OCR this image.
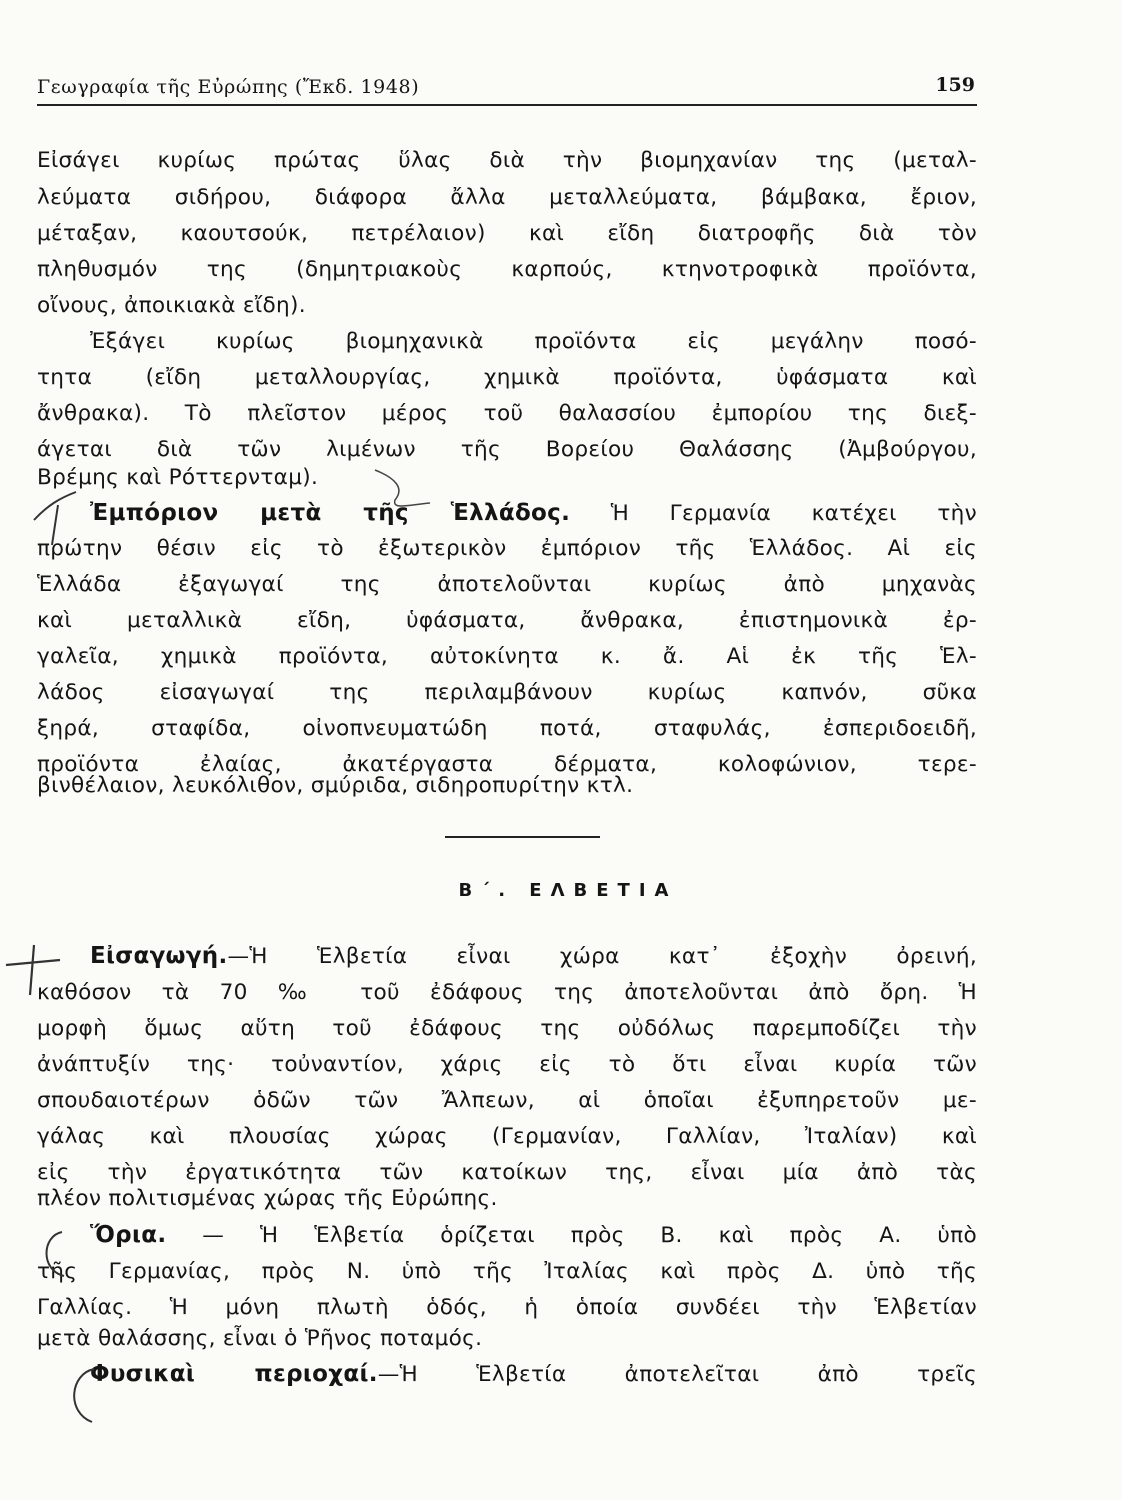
Γεωγραφία τῆς Εὐρώπης (Ἔκδ. 1948)	159
Εἰσάγει κυρίως πρώτας ὕλας διὰ τὴν βιομηχανίαν της (μεταλ-
λεύματα σιδήρου, διάφορα ἄλλα μεταλλεύματα, βάμβακα, ἔριον,
μέταξαν, καουτσούκ, πετρέλαιον) καὶ εἴδη διατροφῆς διὰ τὸν
πληθυσμόν της (δημητριακοὺς καρπούς, κτηνοτροφικὰ προϊόντα,
οἴνους, ἀποικιακὰ εἴδη).
Ἐξάγει κυρίως βιομηχανικὰ προϊόντα εἰς μεγάλην ποσό-
τητα (εἴδη μεταλλουργίας, χημικὰ προϊόντα, ὑφάσματα καὶ
ἄνθρακα). Τὸ πλεῖστον μέρος τοῦ θαλασσίου ἐμπορίου της διεξ-
άγεται διὰ τῶν λιμένων τῆς Βορείου Θαλάσσης (Ἀμβούργου,
Βρέμης καὶ Ρόττερνταμ).
Ἐμπόριον μετὰ τῆς Ἑλλάδος. Ἡ Γερμανία κατέχει τὴν
πρώτην θέσιν εἰς τὸ ἐξωτερικὸν ἐμπόριον τῆς Ἑλλάδος. Αἱ εἰς
Ἑλλάδα ἐξαγωγαί της ἀποτελοῦνται κυρίως ἀπὸ μηχανὰς
καὶ μεταλλικὰ εἴδη, ὑφάσματα, ἄνθρακα, ἐπιστημονικὰ ἐρ-
γαλεῖα, χημικὰ προϊόντα, αὐτοκίνητα κ. ἄ. Αἱ ἐκ τῆς Ἑλ-
λάδος εἰσαγωγαί της περιλαμβάνουν κυρίως καπνόν, σῦκα
ξηρά, σταφίδα, οἰνοπνευματώδη ποτά, σταφυλάς, ἐσπεριδοειδῆ,
προϊόντα ἐλαίας, ἀκατέργαστα δέρματα, κολοφώνιον, τερε-
βινθέλαιον, λευκόλιθον, σμύριδα, σιδηροπυρίτην κτλ.
Β΄. ΕΛΒΕΤΙΑ
Εἰσαγωγή.—Ἡ Ἑλβετία εἶναι χώρα κατ᾽ ἐξοχὴν ὀρεινή,
καθόσον τὰ 70 ‰ τοῦ ἐδάφους της ἀποτελοῦνται ἀπὸ ὄρη. Ἡ
μορφὴ ὅμως αὕτη τοῦ ἐδάφους της οὐδόλως παρεμποδίζει τὴν
ἀνάπτυξίν της· τοὐναντίον, χάρις εἰς τὸ ὅτι εἶναι κυρία τῶν
σπουδαιοτέρων ὁδῶν τῶν Ἄλπεων, αἱ ὁποῖαι ἐξυπηρετοῦν με-
γάλας καὶ πλουσίας χώρας (Γερμανίαν, Γαλλίαν, Ἰταλίαν) καὶ
εἰς τὴν ἐργατικότητα τῶν κατοίκων της, εἶναι μία ἀπὸ τὰς
πλέον πολιτισμένας χώρας τῆς Εὐρώπης.
Ὅρια. — Ἡ Ἑλβετία ὁρίζεται πρὸς Β. καὶ πρὸς Α. ὑπὸ
τῆς Γερμανίας, πρὸς Ν. ὑπὸ τῆς Ἰταλίας καὶ πρὸς Δ. ὑπὸ τῆς
Γαλλίας. Ἡ μόνη πλωτὴ ὁδός, ἡ ὁποία συνδέει τὴν Ἑλβετίαν
μετὰ θαλάσσης, εἶναι ὁ Ῥῆνος ποταμός.
Φυσικαὶ περιοχαί.—Ἡ Ἑλβετία ἀποτελεῖται ἀπὸ τρεῖς
